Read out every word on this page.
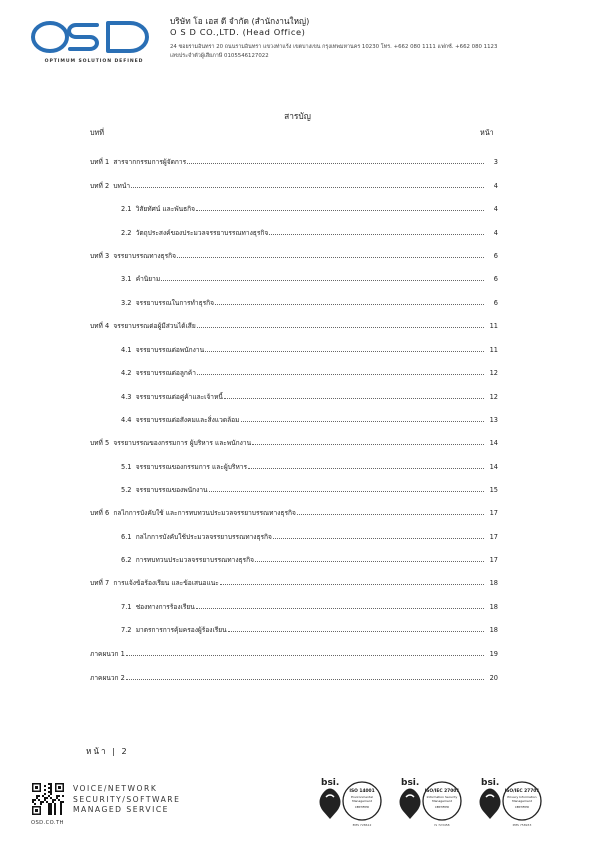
OPTIMUM SOLUTION DEFINED
บริษัท โอ เอส ดี จำกัด (สำนักงานใหญ่)
O S D CO.,LTD. (Head Office)
24 ซอยรามอินทรา 20 ถนนรามอินทรา แขวงท่าแร้ง เขตบางเขน กรุงเทพมหานคร 10230 โทร. +662 080 1111 แฟกซ์. +662 080 1123
เลขประจำตัวผู้เสียภาษี 0105546127022
สารบัญ
บทที่	หน้า
บทที่ 1 สารจากกรรมการผู้จัดการ	3
บทที่ 2 บทนำ	4
2.1 วิสัยทัศน์ และพันธกิจ	4
2.2 วัตถุประสงค์ของประมวลจรรยาบรรณทางธุรกิจ	4
บทที่ 3 จรรยาบรรณทางธุรกิจ	6
3.1 คำนิยาม	6
3.2 จรรยาบรรณในการทำธุรกิจ	6
บทที่ 4 จรรยาบรรณต่อผู้มีส่วนได้เสีย	11
4.1 จรรยาบรรณต่อพนักงาน	11
4.2 จรรยาบรรณต่อลูกค้า	12
4.3 จรรยาบรรณต่อคู่ค้าและเจ้าหนี้	12
4.4 จรรยาบรรณต่อสังคมและสิ่งแวดล้อม	13
บทที่ 5 จรรยาบรรณของกรรมการ ผู้บริหาร และพนักงาน	14
5.1 จรรยาบรรณของกรรมการ และผู้บริหาร	14
5.2 จรรยาบรรณของพนักงาน	15
บทที่ 6 กลไกการบังคับใช้ และการทบทวนประมวลจรรยาบรรณทางธุรกิจ	17
6.1 กลไกการบังคับใช้ประมวลจรรยาบรรณทางธุรกิจ	17
6.2 การทบทวนประมวลจรรยาบรรณทางธุรกิจ	17
บทที่ 7 การแจ้งข้อร้องเรียน และข้อเสนอแนะ	18
7.1 ช่องทางการร้องเรียน	18
7.2 มาตรการการคุ้มครองผู้ร้องเรียน	18
ภาคผนวก 1	19
ภาคผนวก 2	20
หน้า | 2
OSD.CO.TH
VOICE/NETWORK
SECURITY/SOFTWARE
MANAGED SERVICE
bsi.
ISO 14001
Environmental
Management
CERTIFIED
EMS 728612
bsi.
ISO/IEC 27001
Information Security
Management
CERTIFIED
IS 723458
bsi.
ISO/IEC 27701
Privacy Information
Management
CERTIFIED
PMS 758933
